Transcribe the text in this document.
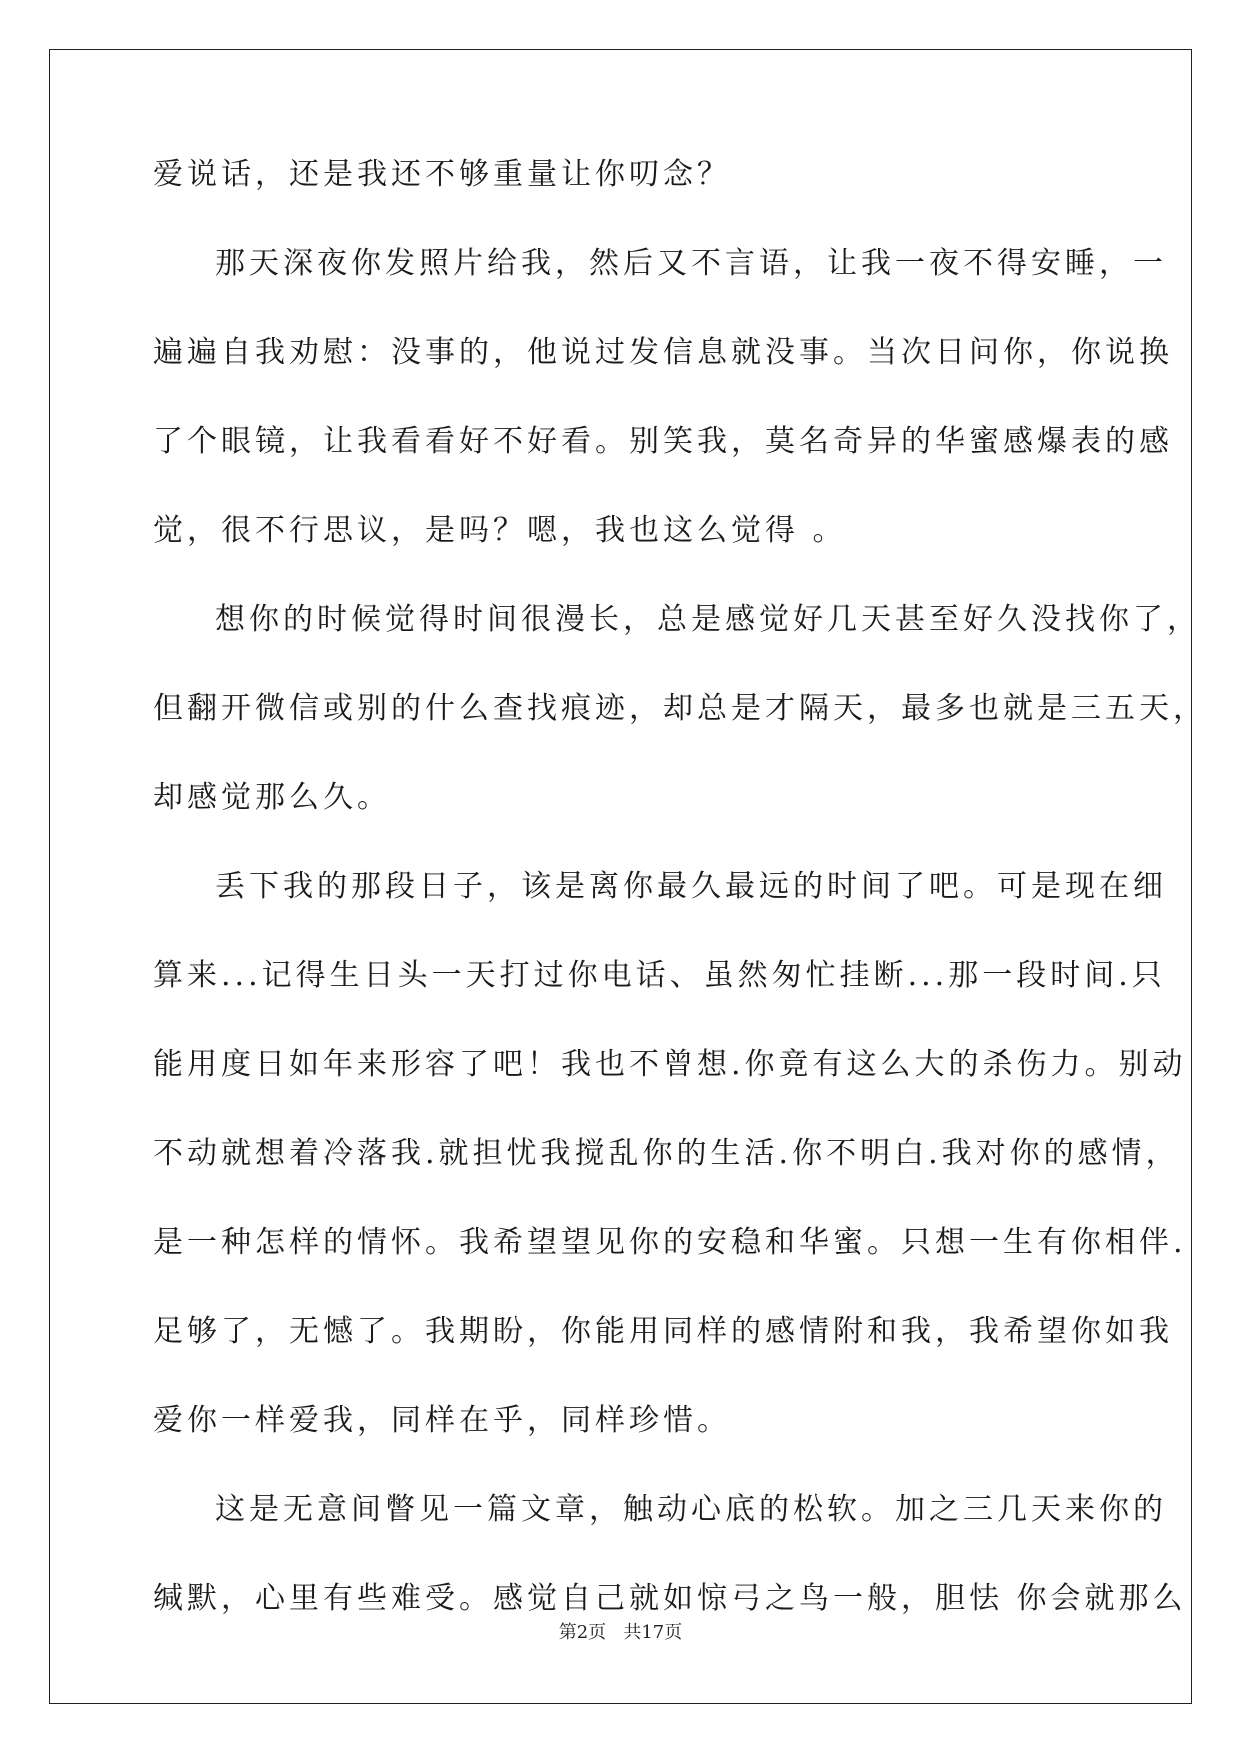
爱说话，还是我还不够重量让你叨念？
那天深夜你发照片给我，然后又不言语，让我一夜不得安睡，一
遍遍自我劝慰：没事的，他说过发信息就没事。当次日问你，你说换
了个眼镜，让我看看好不好看。别笑我，莫名奇异的华蜜感爆表的感
觉，很不行思议，是吗？嗯，我也这么觉得 。
想你的时候觉得时间很漫长，总是感觉好几天甚至好久没找你了，
但翻开微信或别的什么查找痕迹，却总是才隔天，最多也就是三五天，
却感觉那么久。
丢下我的那段日子，该是离你最久最远的时间了吧。可是现在细
算来...记得生日头一天打过你电话、虽然匆忙挂断...那一段时间.只
能用度日如年来形容了吧！我也不曾想.你竟有这么大的杀伤力。别动
不动就想着冷落我.就担忧我搅乱你的生活.你不明白.我对你的感情，
是一种怎样的情怀。我希望望见你的安稳和华蜜。只想一生有你相伴.
足够了，无憾了。我期盼，你能用同样的感情附和我，我希望你如我
爱你一样爱我，同样在乎，同样珍惜。
这是无意间瞥见一篇文章，触动心底的松软。加之三几天来你的
缄默，心里有些难受。感觉自己就如惊弓之鸟一般，胆怯 你会就那么
第2页   共17页
